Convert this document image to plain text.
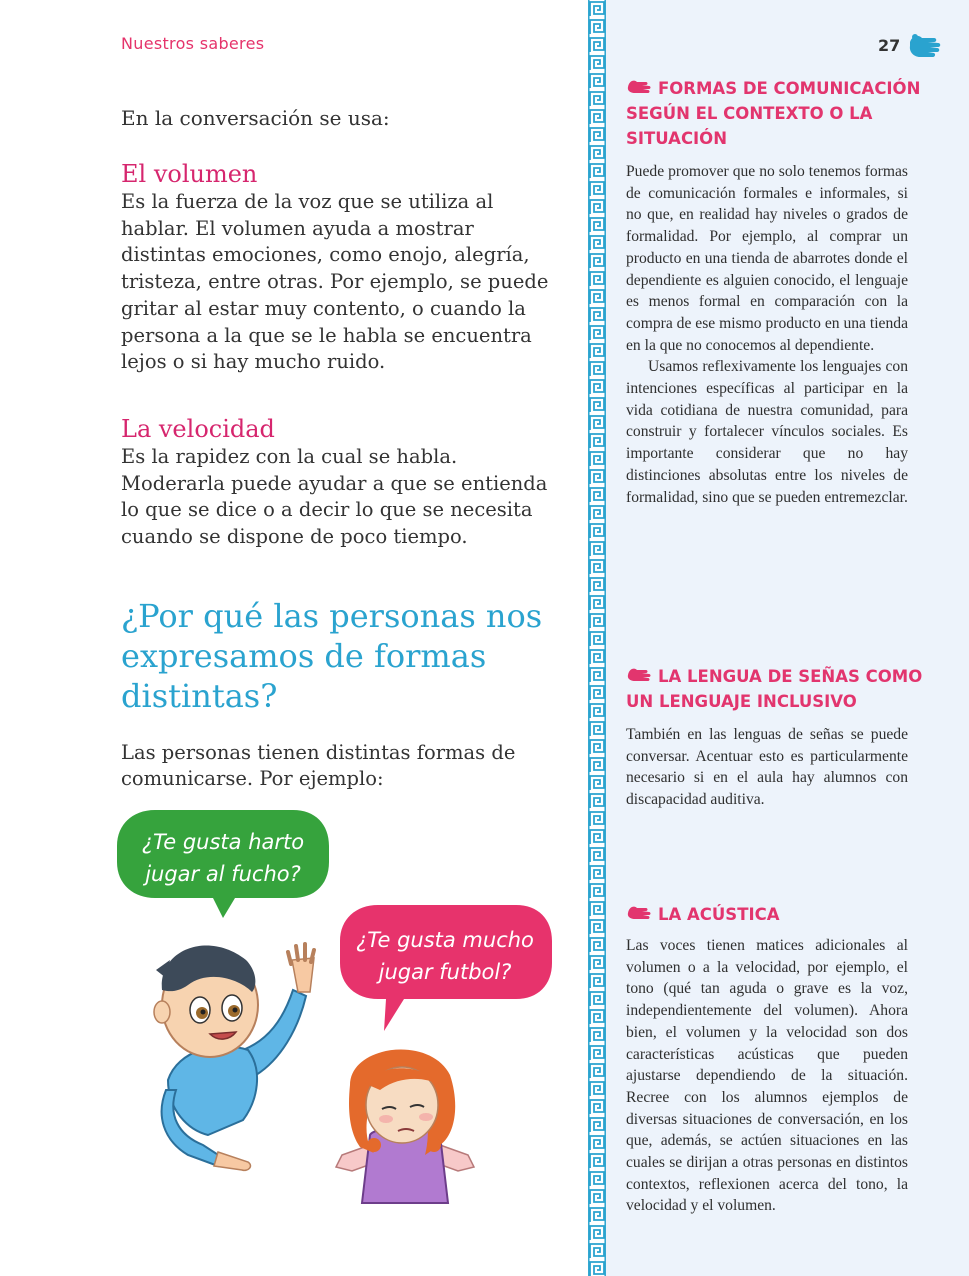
Nuestros saberes	27
En la conversación se usa:
El volumen
Es la fuerza de la voz que se utiliza al hablar. El volumen ayuda a mostrar distintas emociones, como enojo, alegría, tristeza, entre otras. Por ejemplo, se puede gritar al estar muy contento, o cuando la persona a la que se le habla se encuentra lejos o si hay mucho ruido.
La velocidad
Es la rapidez con la cual se habla. Moderarla puede ayudar a que se entienda lo que se dice o a decir lo que se necesita cuando se dispone de poco tiempo.
¿Por qué las personas nos expresamos de formas distintas?
Las personas tienen distintas formas de comunicarse. Por ejemplo:
¿Te gusta harto jugar al fucho?
¿Te gusta mucho jugar futbol?
FORMAS DE COMUNICACIÓN SEGÚN EL CONTEXTO O LA SITUACIÓN

Puede promover que no solo tenemos formas de comunicación formales e informales, si no que, en realidad hay niveles o grados de formalidad. Por ejemplo, al comprar un producto en una tienda de abarrotes donde el dependiente es alguien conocido, el lenguaje es menos formal en comparación con la compra de ese mismo producto en una tienda en la que no conocemos al dependiente.

Usamos reflexivamente los lenguajes con intenciones específicas al participar en la vida cotidiana de nuestra comunidad, para construir y fortalecer vínculos sociales. Es importante considerar que no hay distinciones absolutas entre los niveles de formalidad, sino que se pueden entremezclar.

LA LENGUA DE SEÑAS COMO UN LENGUAJE INCLUSIVO

También en las lenguas de señas se puede conversar. Acentuar esto es particularmente necesario si en el aula hay alumnos con discapacidad auditiva.

LA ACÚSTICA

Las voces tienen matices adicionales al volumen o a la velocidad, por ejemplo, el tono (qué tan aguda o grave es la voz, independientemente del volumen). Ahora bien, el volumen y la velocidad son dos características acústicas que pueden ajustarse dependiendo de la situación. Recree con los alumnos ejemplos de diversas situaciones de conversación, en los que, además, se actúen situaciones en las cuales se dirijan a otras personas en distintos contextos, reflexionen acerca del tono, la velocidad y el volumen.
